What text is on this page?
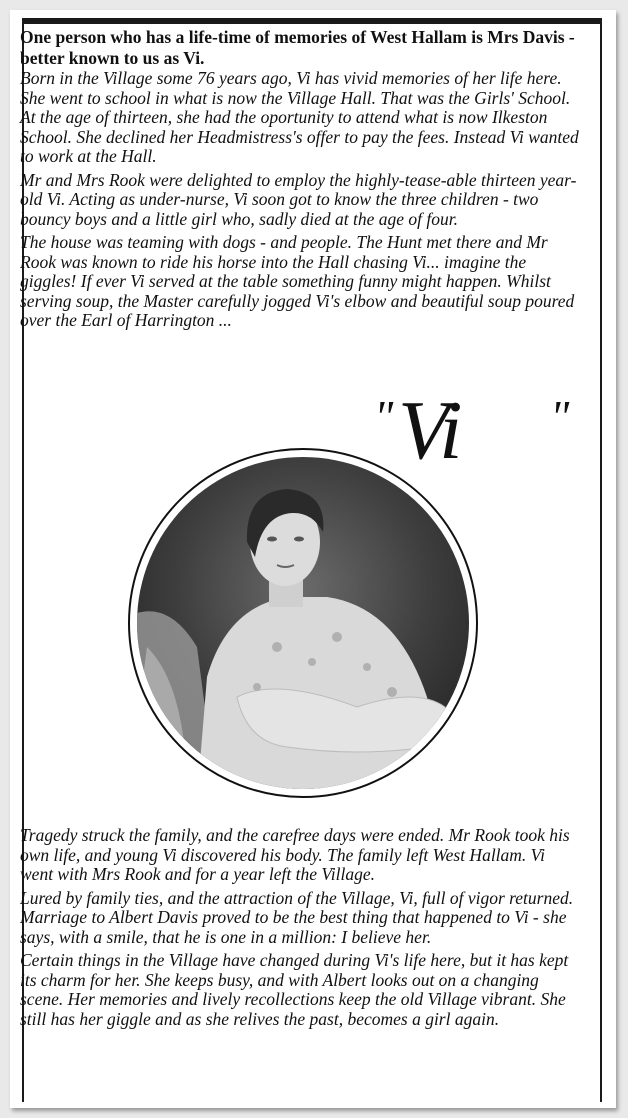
One person who has a life-time of memories of West Hallam is Mrs Davis - better known to us as Vi.

Born in the Village some 76 years ago, Vi has vivid memories of her life here. She went to school in what is now the Village Hall. That was the Girls' School. At the age of thirteen, she had the oportunity to attend what is now Ilkeston School. She declined her Headmistress's offer to pay the fees. Instead Vi wanted to work at the Hall.

Mr and Mrs Rook were delighted to employ the highly-tease-able thirteen year-old Vi. Acting as under-nurse, Vi soon got to know the three children - two bouncy boys and a little girl who, sadly died at the age of four.

The house was teaming with dogs - and people. The Hunt met there and Mr Rook was known to ride his horse into the Hall chasing Vi... imagine the giggles! If ever Vi served at the table something funny might happen. Whilst serving soup, the Master carefully jogged Vi's elbow and beautiful soup poured over the Earl of Harrington ...

" Vi "

Tragedy struck the family, and the carefree days were ended. Mr Rook took his own life, and young Vi discovered his body. The family left West Hallam. Vi went with Mrs Rook and for a year left the Village.

Lured by family ties, and the attraction of the Village, Vi, full of vigor returned. Marriage to Albert Davis proved to be the best thing that happened to Vi - she says, with a smile, that he is one in a million: I believe her.

Certain things in the Village have changed during Vi's life here, but it has kept its charm for her. She keeps busy, and with Albert looks out on a changing scene. Her memories and lively recollections keep the old Village vibrant. She still has her giggle and as she relives the past, becomes a girl again.
